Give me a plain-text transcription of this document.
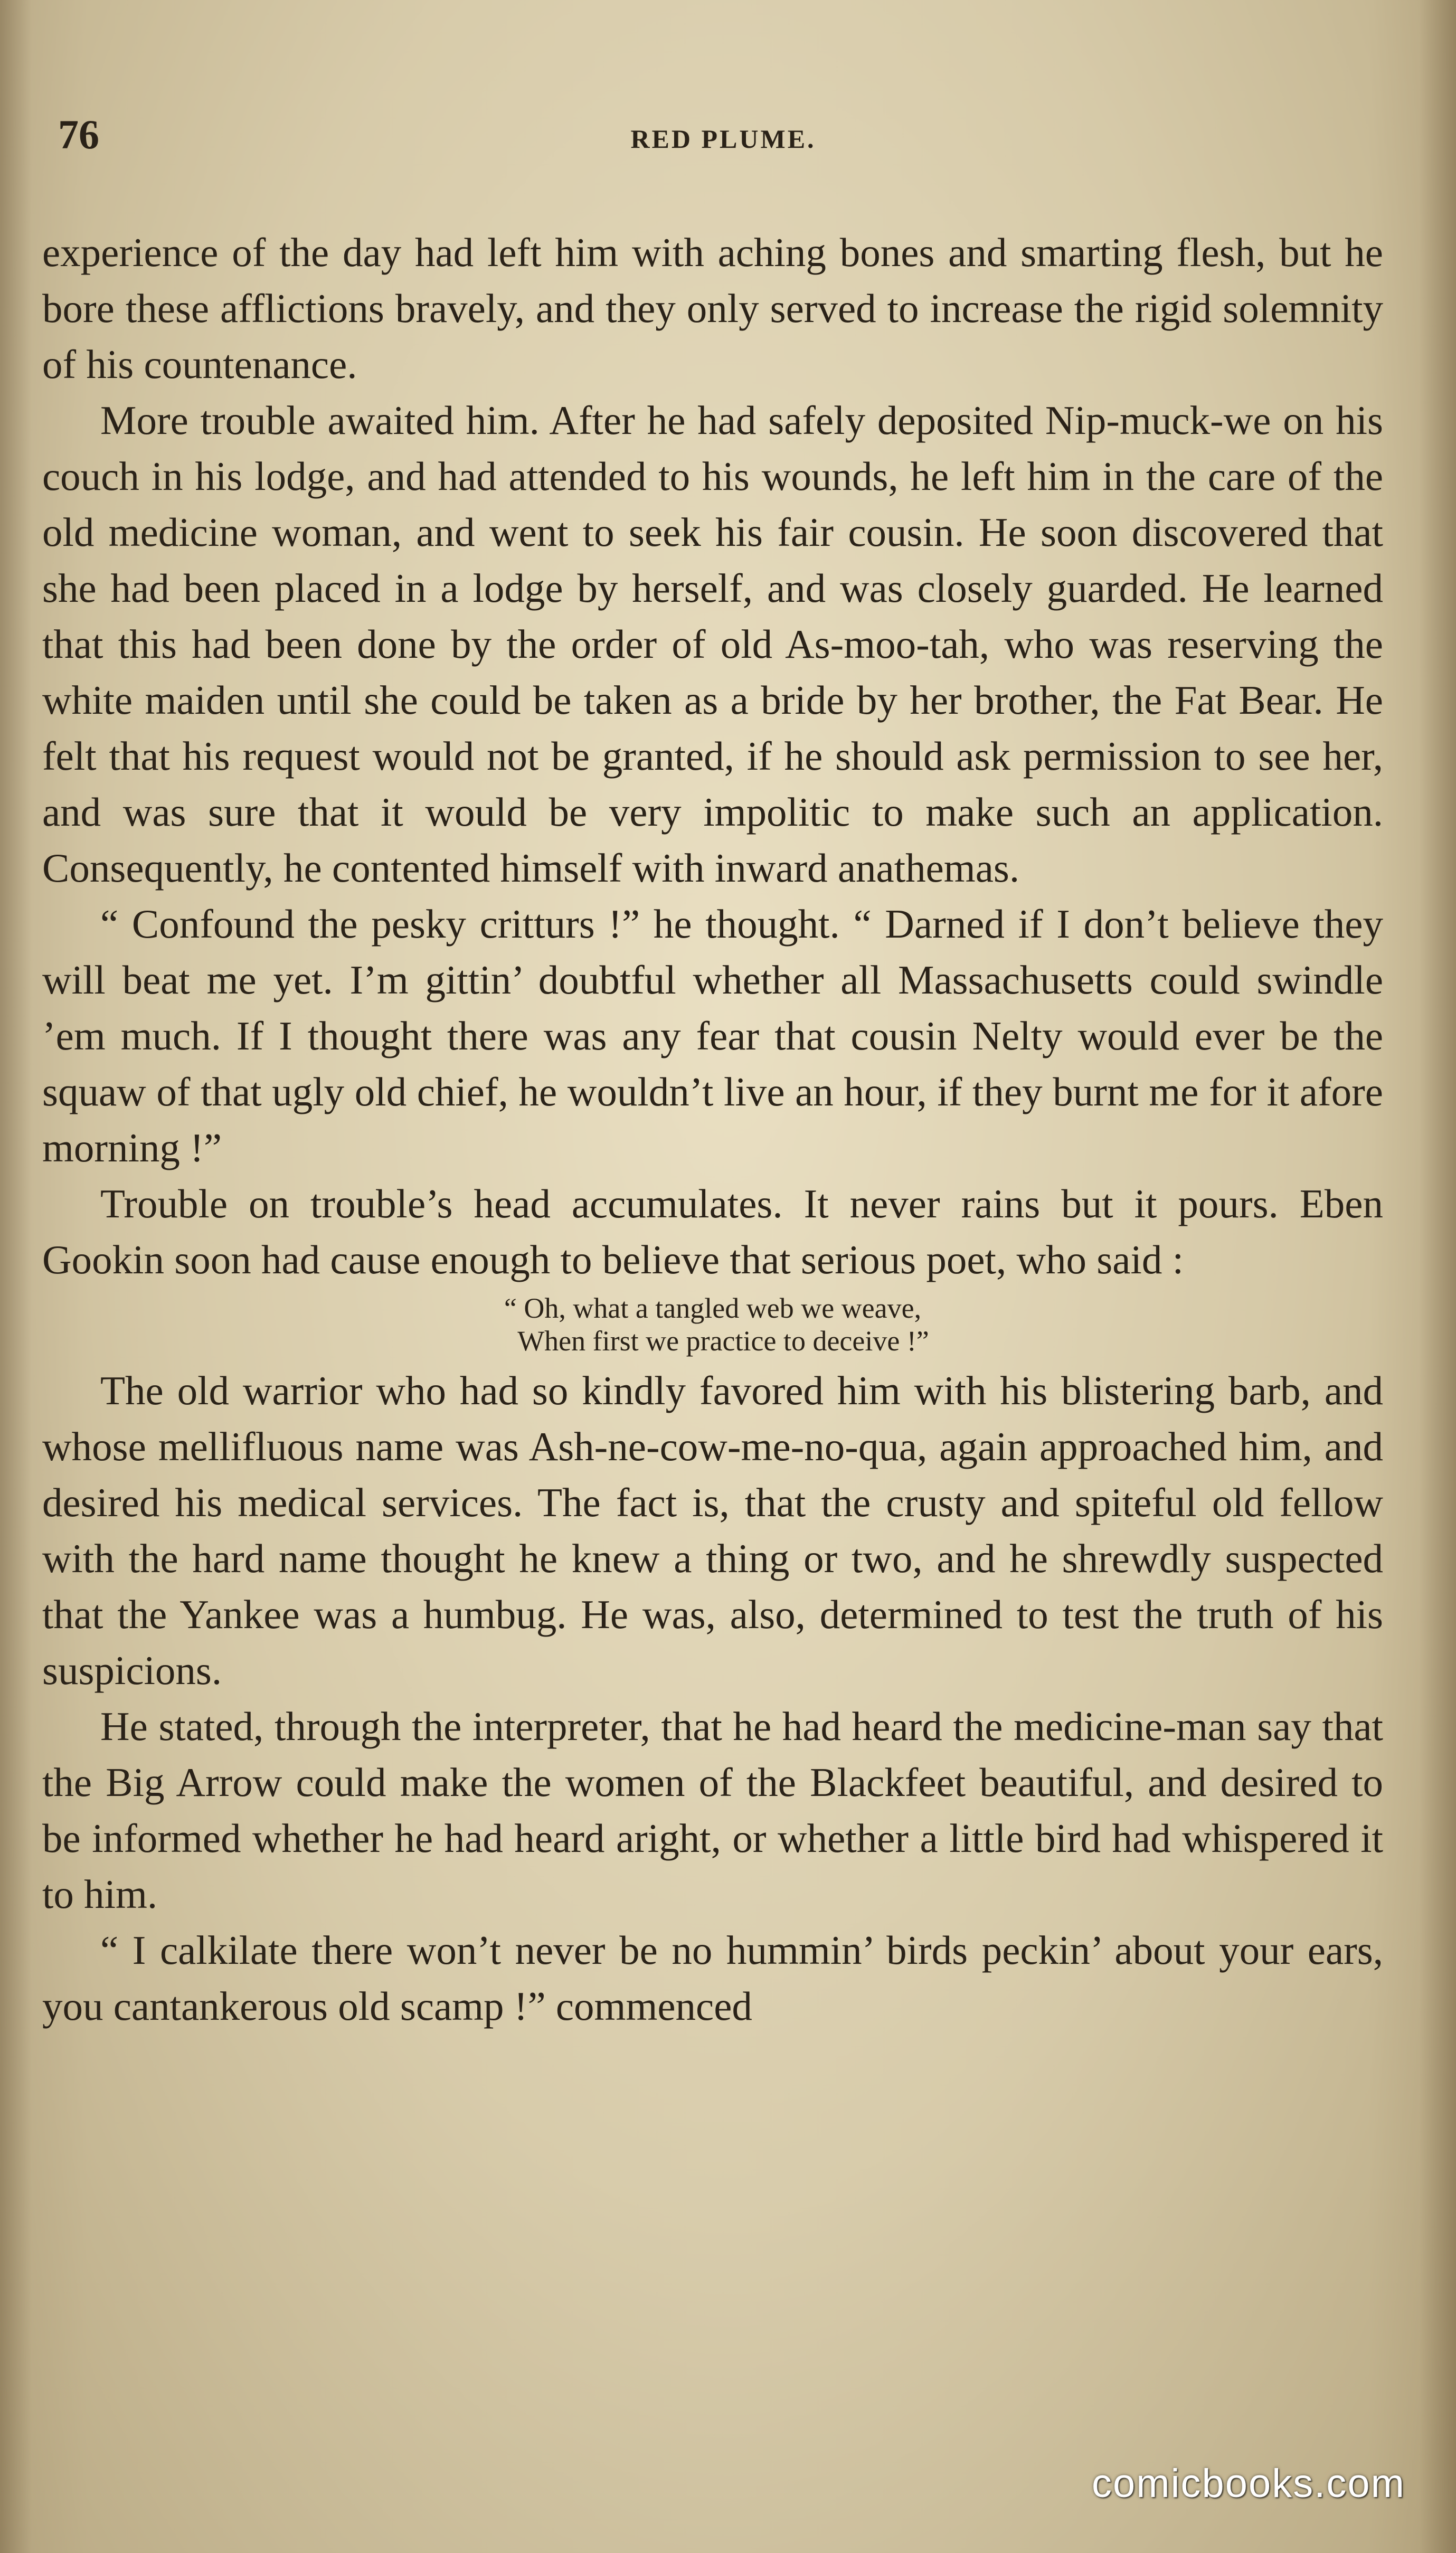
76	RED PLUME.

experience of the day had left him with aching bones and smarting flesh, but he bore these afflictions bravely, and they only served to increase the rigid solemnity of his countenance.

More trouble awaited him. After he had safely deposited Nip-muck-we on his couch in his lodge, and had attended to his wounds, he left him in the care of the old medicine woman, and went to seek his fair cousin. He soon discovered that she had been placed in a lodge by herself, and was closely guarded. He learned that this had been done by the order of old As-moo-tah, who was reserving the white maiden until she could be taken as a bride by her brother, the Fat Bear. He felt that his request would not be granted, if he should ask permission to see her, and was sure that it would be very impolitic to make such an application. Consequently, he contented himself with inward anathemas.

“ Confound the pesky critturs !” he thought. “ Darned if I don’t believe they will beat me yet. I’m gittin’ doubtful whether all Massachusetts could swindle ’em much. If I thought there was any fear that cousin Nelty would ever be the squaw of that ugly old chief, he wouldn’t live an hour, if they burnt me for it afore morning !”

Trouble on trouble’s head accumulates. It never rains but it pours. Eben Gookin soon had cause enough to believe that serious poet, who said :

“ Oh, what a tangled web we weave,
When first we practice to deceive !”

The old warrior who had so kindly favored him with his blistering barb, and whose mellifluous name was Ash-ne-cow-me-no-qua, again approached him, and desired his medical services. The fact is, that the crusty and spiteful old fellow with the hard name thought he knew a thing or two, and he shrewdly suspected that the Yankee was a humbug. He was, also, determined to test the truth of his suspicions.

He stated, through the interpreter, that he had heard the medicine-man say that the Big Arrow could make the women of the Blackfeet beautiful, and desired to be informed whether he had heard aright, or whether a little bird had whispered it to him.

“ I calkilate there won’t never be no hummin’ birds peckin’ about your ears, you cantankerous old scamp !” commenced

comicbooks.com
